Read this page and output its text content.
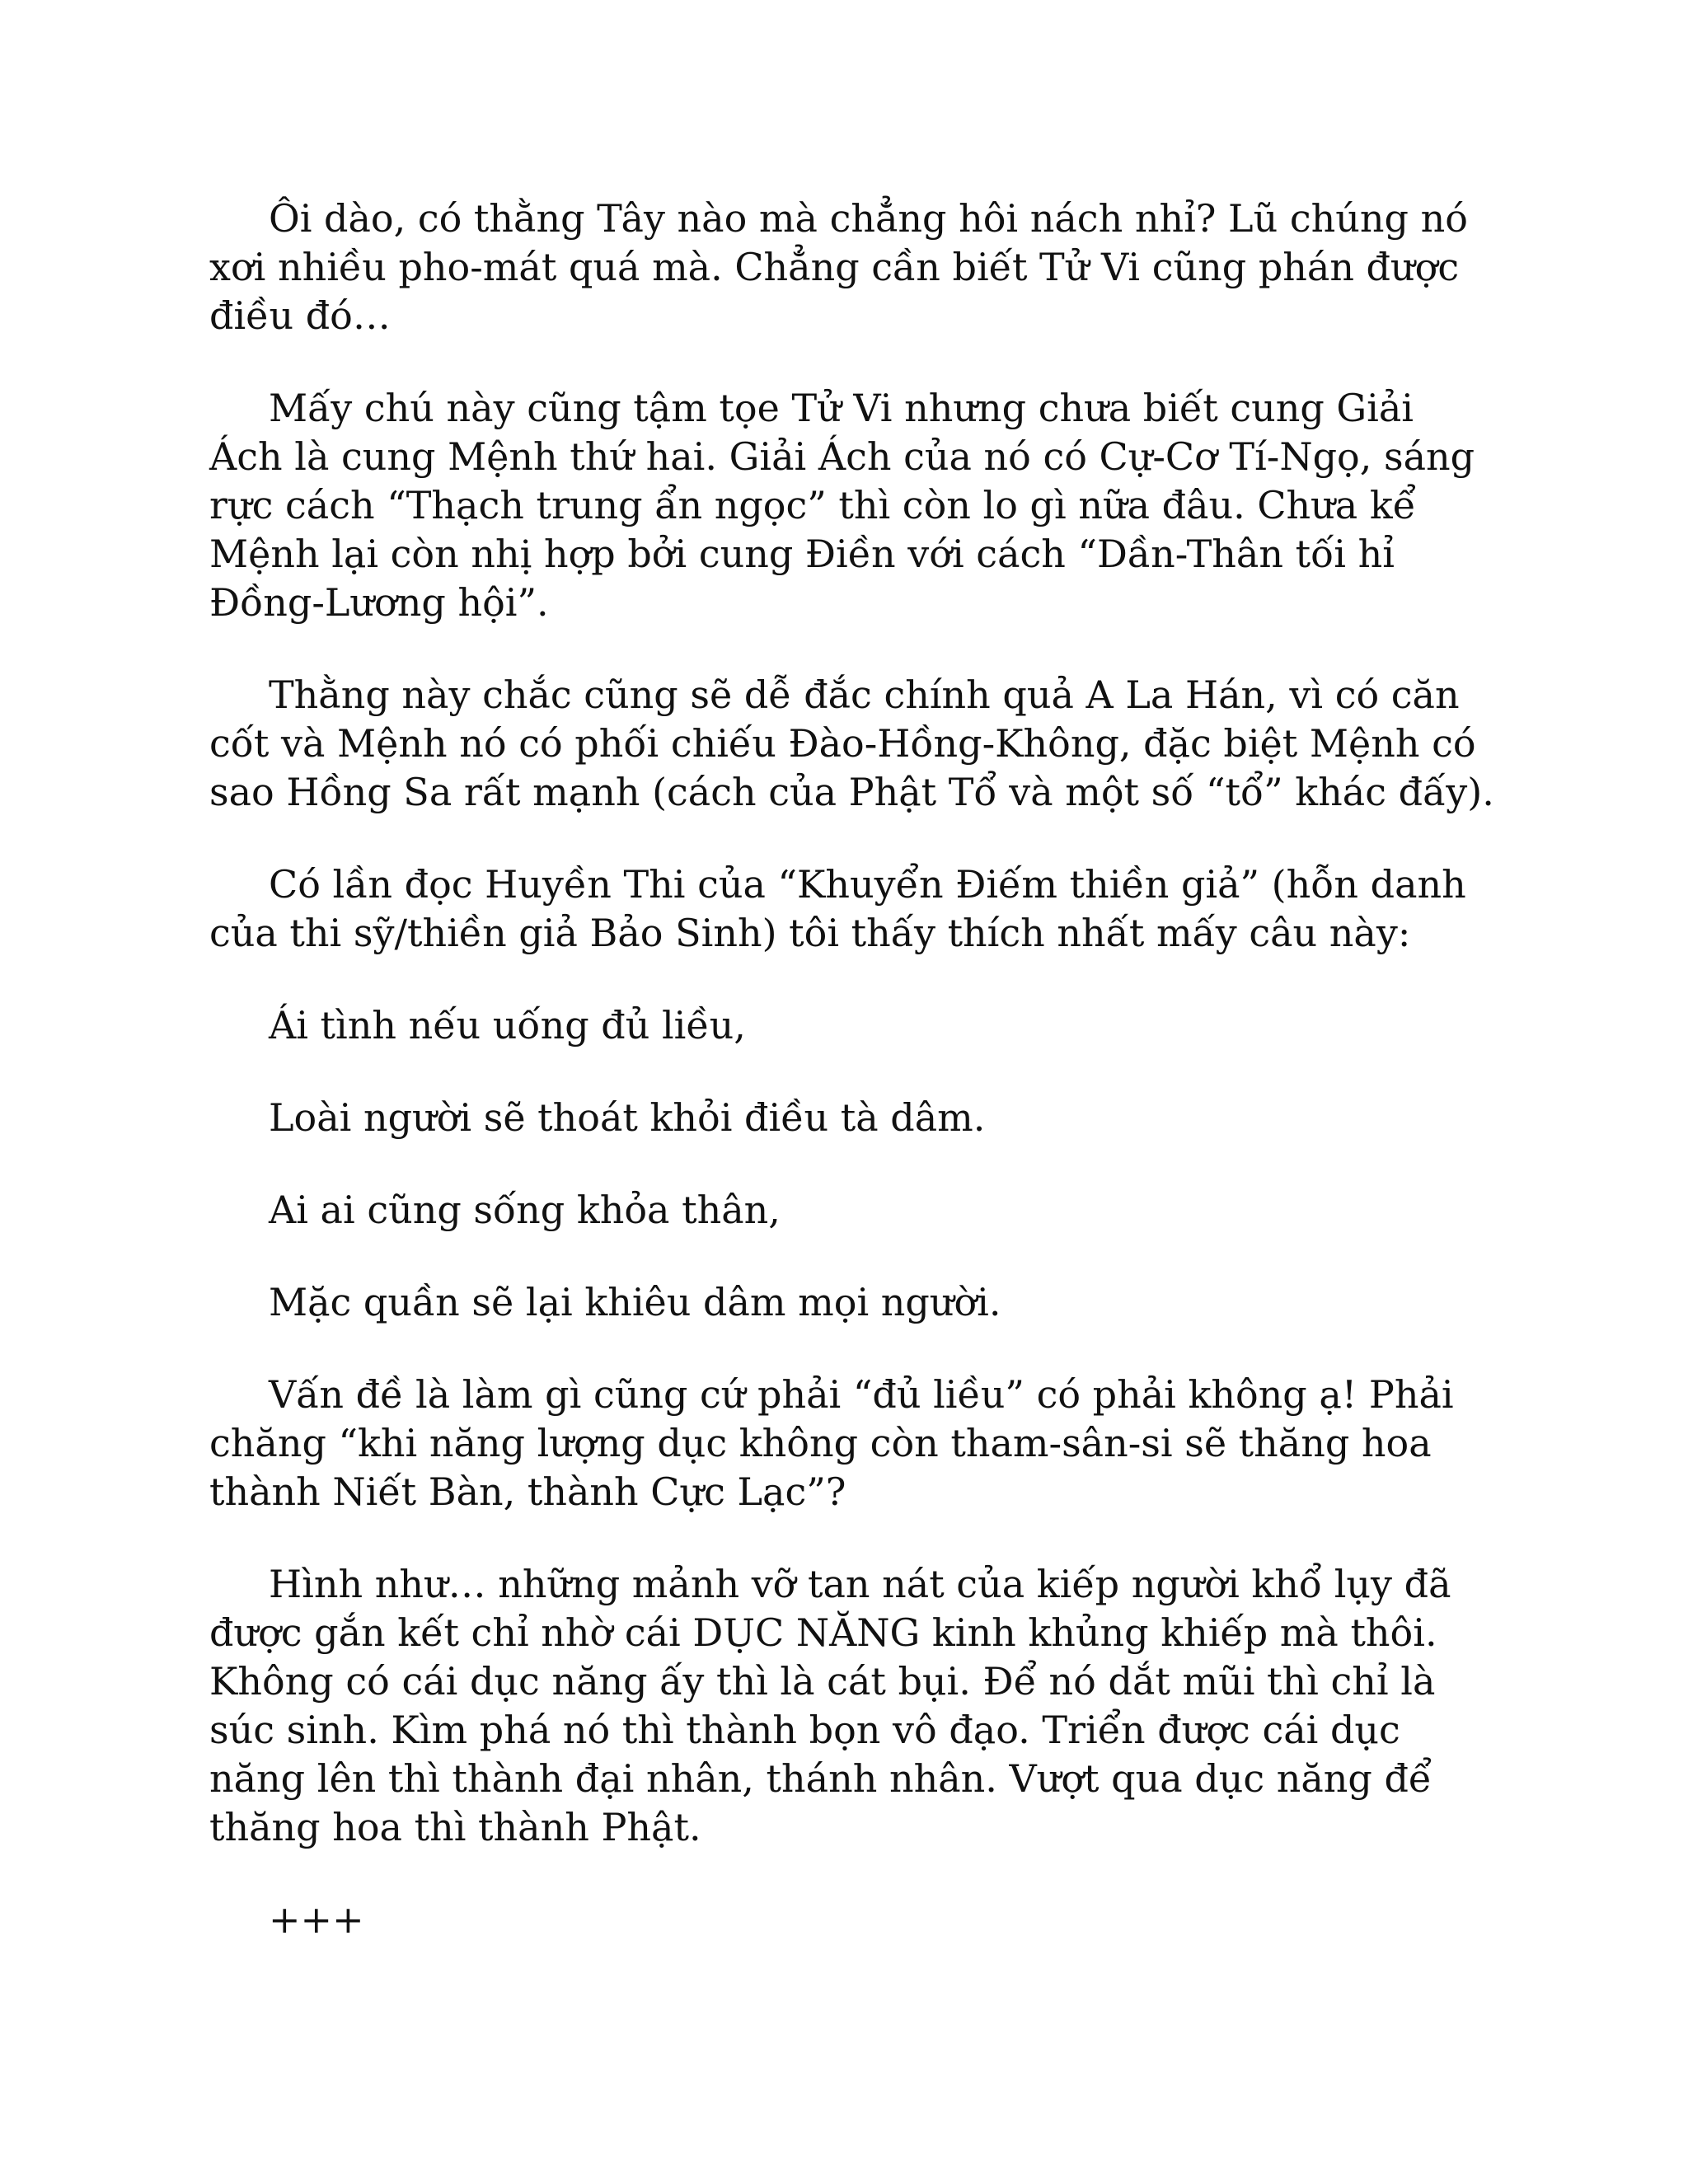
Ôi dào, có thằng Tây nào mà chẳng hôi nách nhỉ? Lũ chúng nó xơi nhiều pho-mát quá mà. Chẳng cần biết Tử Vi cũng phán được điều đó…

Mấy chú này cũng tậm tọe Tử Vi nhưng chưa biết cung Giải Ách là cung Mệnh thứ hai. Giải Ách của nó có Cự-Cơ Tí-Ngọ, sáng rực cách “Thạch trung ẩn ngọc” thì còn lo gì nữa đâu. Chưa kể Mệnh lại còn nhị hợp bởi cung Điền với cách “Dần-Thân tối hỉ Đồng-Lương hội”.

Thằng này chắc cũng sẽ dễ đắc chính quả A La Hán, vì có căn cốt và Mệnh nó có phối chiếu Đào-Hồng-Không, đặc biệt Mệnh có sao Hồng Sa rất mạnh (cách của Phật Tổ và một số “tổ” khác đấy).

Có lần đọc Huyền Thi của “Khuyển Điếm thiền giả” (hỗn danh của thi sỹ/thiền giả Bảo Sinh) tôi thấy thích nhất mấy câu này:

Ái tình nếu uống đủ liều,

Loài người sẽ thoát khỏi điều tà dâm.

Ai ai cũng sống khỏa thân,

Mặc quần sẽ lại khiêu dâm mọi người.

Vấn đề là làm gì cũng cứ phải “đủ liều” có phải không ạ! Phải chăng “khi năng lượng dục không còn tham-sân-si sẽ thăng hoa thành Niết Bàn, thành Cực Lạc”?

Hình như… những mảnh vỡ tan nát của kiếp người khổ lụy đã được gắn kết chỉ nhờ cái DỤC NĂNG kinh khủng khiếp mà thôi. Không có cái dục năng ấy thì là cát bụi. Để nó dắt mũi thì chỉ là súc sinh. Kìm phá nó thì thành bọn vô đạo. Triển được cái dục năng lên thì thành đại nhân, thánh nhân. Vượt qua dục năng để thăng hoa thì thành Phật.

+++
